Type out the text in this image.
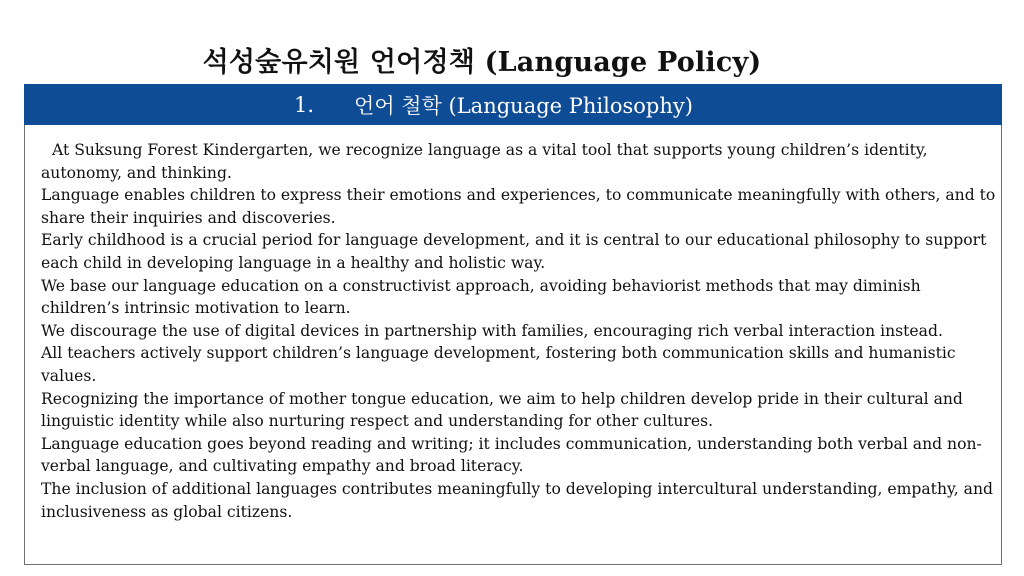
석성숲유치원 언어정책 (Language Policy)
1. 언어 철학 (Language Philosophy)
At Suksung Forest Kindergarten, we recognize language as a vital tool that supports young children’s identity, autonomy, and thinking.
Language enables children to express their emotions and experiences, to communicate meaningfully with others, and to share their inquiries and discoveries.
Early childhood is a crucial period for language development, and it is central to our educational philosophy to support each child in developing language in a healthy and holistic way.
We base our language education on a constructivist approach, avoiding behaviorist methods that may diminish children’s intrinsic motivation to learn.
We discourage the use of digital devices in partnership with families, encouraging rich verbal interaction instead.
All teachers actively support children’s language development, fostering both communication skills and humanistic values.
Recognizing the importance of mother tongue education, we aim to help children develop pride in their cultural and linguistic identity while also nurturing respect and understanding for other cultures.
Language education goes beyond reading and writing; it includes communication, understanding both verbal and non-verbal language, and cultivating empathy and broad literacy.
The inclusion of additional languages contributes meaningfully to developing intercultural understanding, empathy, and inclusiveness as global citizens.
